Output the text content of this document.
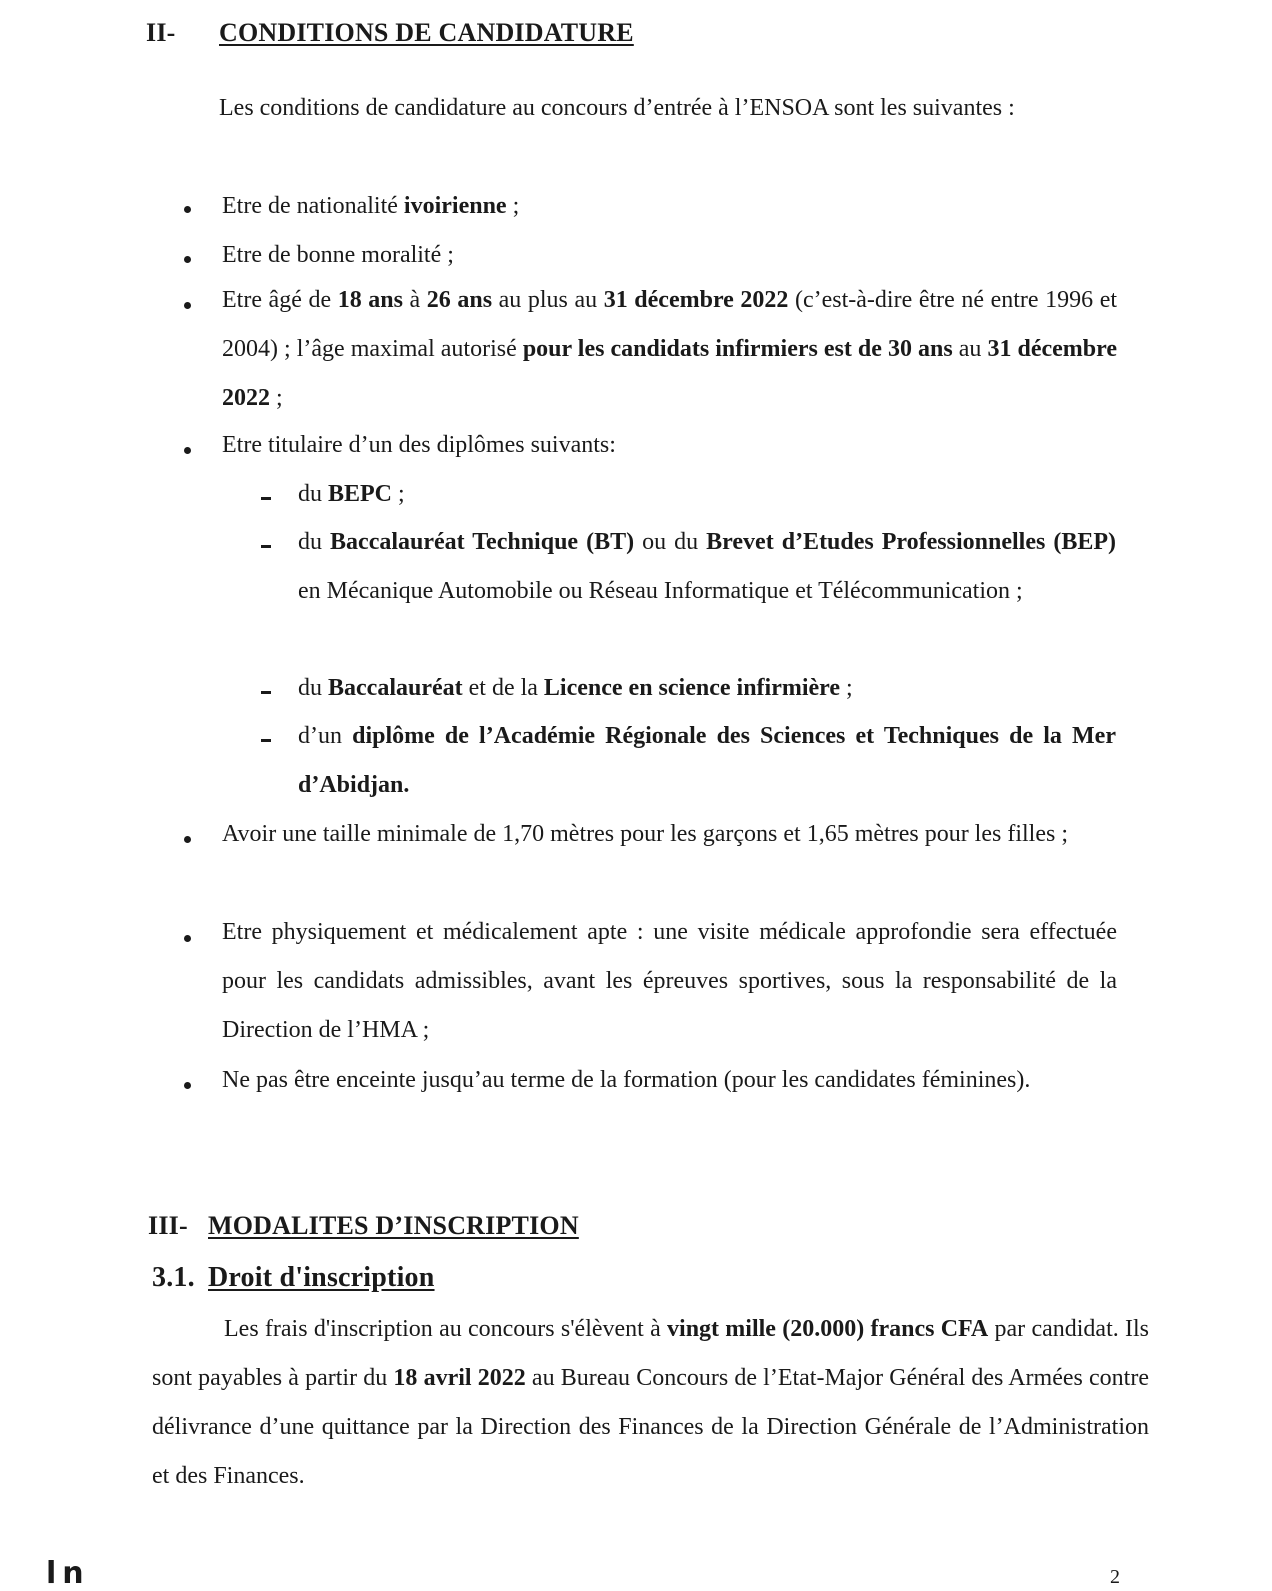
II- CONDITIONS DE CANDIDATURE
Les conditions de candidature au concours d’entrée à l’ENSOA sont les suivantes :
Etre de nationalité ivoirienne ;
Etre de bonne moralité ;
Etre âgé de 18 ans à 26 ans au plus au 31 décembre 2022 (c’est-à-dire être né entre 1996 et 2004) ; l’âge maximal autorisé pour les candidats infirmiers est de 30 ans au 31 décembre 2022 ;
Etre titulaire d’un des diplômes suivants:
du BEPC ;
du Baccalauréat Technique (BT) ou du Brevet d’Etudes Professionnelles (BEP) en Mécanique Automobile ou Réseau Informatique et Télécommunication ;
du Baccalauréat et de la Licence en science infirmière ;
d’un diplôme de l’Académie Régionale des Sciences et Techniques de la Mer d’Abidjan.
Avoir une taille minimale de 1,70 mètres pour les garçons et 1,65 mètres pour les filles ;
Etre physiquement et médicalement apte : une visite médicale approfondie sera effectuée pour les candidats admissibles, avant les épreuves sportives, sous la responsabilité de la Direction de l’HMA ;
Ne pas être enceinte jusqu’au terme de la formation (pour les candidates féminines).
III- MODALITES D’INSCRIPTION
3.1. Droit d'inscription
Les frais d'inscription au concours s'élèvent à vingt mille (20.000) francs CFA par candidat. Ils sont payables à partir du 18 avril 2022 au Bureau Concours de l’Etat-Major Général des Armées contre délivrance d’une quittance par la Direction des Finances de la Direction Générale de l’Administration et des Finances.
 l n	2
